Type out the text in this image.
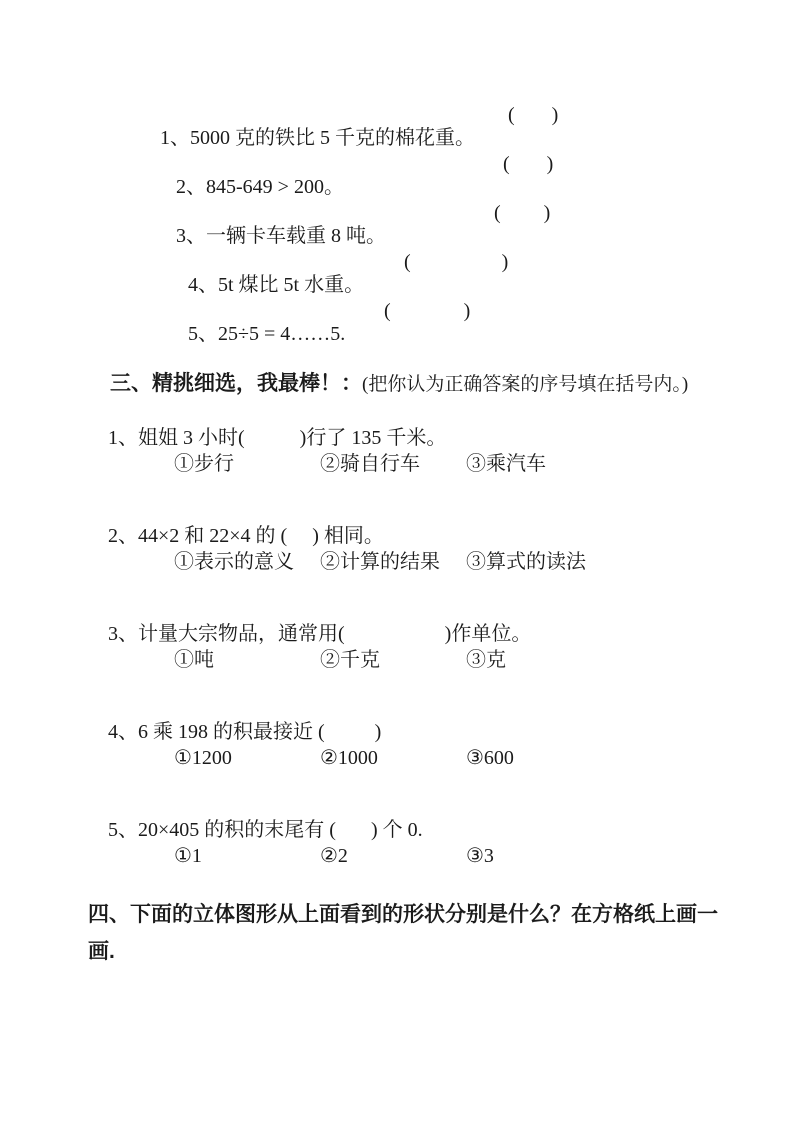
1、5000 克的铁比 5 千克的棉花重。

(      )

2、845-649 > 200。

(      )

3、一辆卡车载重 8 吨。

(       )

4、5t 煤比 5t 水重。

(               )

5、25÷5 = 4……5.

(            )

三、精挑细选，我最棒！：(把你认为正确答案的序号填在括号内。)

1、姐姐 3 小时(           )行了 135 千米。

①步行	②骑自行车	③乘汽车

2、44×2 和 22×4 的 (     ) 相同。

①表示的意义	②计算的结果	③算式的读法

3、计量大宗物品，通常用(                    )作单位。

①吨	②千克	③克

4、6 乘 198 的积最接近 (          )

①1200	②1000	③600

5、20×405 的积的末尾有 (       ) 个 0.

①1	②2	③3
四、下面的立体图形从上面看到的形状分别是什么？在方格纸上画一画.
